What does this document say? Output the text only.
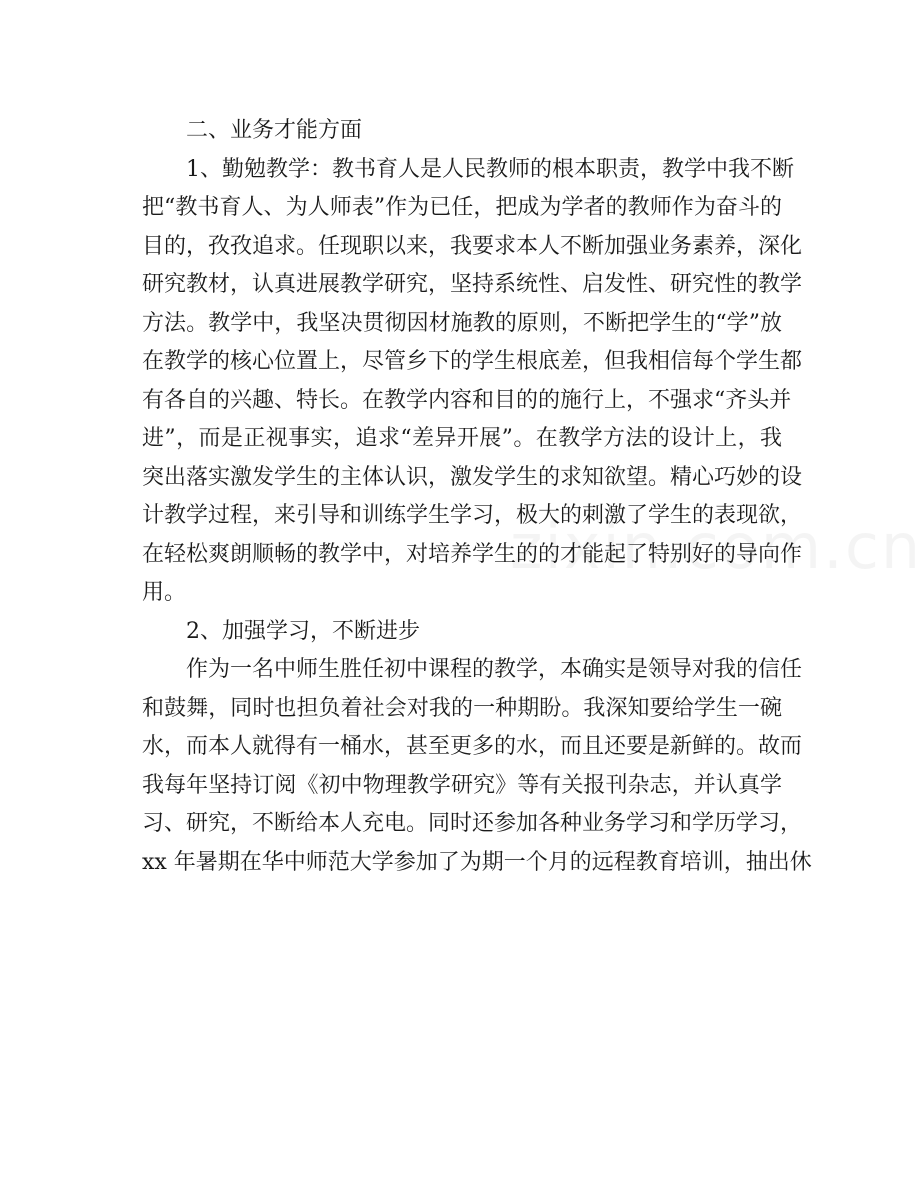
二、业务才能方面
1、勤勉教学：教书育人是人民教师的根本职责，教学中我不断
把“教书育人、为人师表”作为已任，把成为学者的教师作为奋斗的
目的，孜孜追求。任现职以来，我要求本人不断加强业务素养，深化
研究教材，认真进展教学研究，坚持系统性、启发性、研究性的教学
方法。教学中，我坚决贯彻因材施教的原则，不断把学生的“学”放
在教学的核心位置上，尽管乡下的学生根底差，但我相信每个学生都
有各自的兴趣、特长。在教学内容和目的的施行上，不强求“齐头并
进”，而是正视事实，追求“差异开展”。在教学方法的设计上，我
突出落实激发学生的主体认识，激发学生的求知欲望。精心巧妙的设
计教学过程，来引导和训练学生学习，极大的刺激了学生的表现欲，
在轻松爽朗顺畅的教学中，对培养学生的的才能起了特别好的导向作
用。
2、加强学习，不断进步
作为一名中师生胜任初中课程的教学，本确实是领导对我的信任
和鼓舞，同时也担负着社会对我的一种期盼。我深知要给学生一碗
水，而本人就得有一桶水，甚至更多的水，而且还要是新鲜的。故而
我每年坚持订阅《初中物理教学研究》等有关报刊杂志，并认真学
习、研究，不断给本人充电。同时还参加各种业务学习和学历学习，
xx 年暑期在华中师范大学参加了为期一个月的远程教育培训，抽出休
